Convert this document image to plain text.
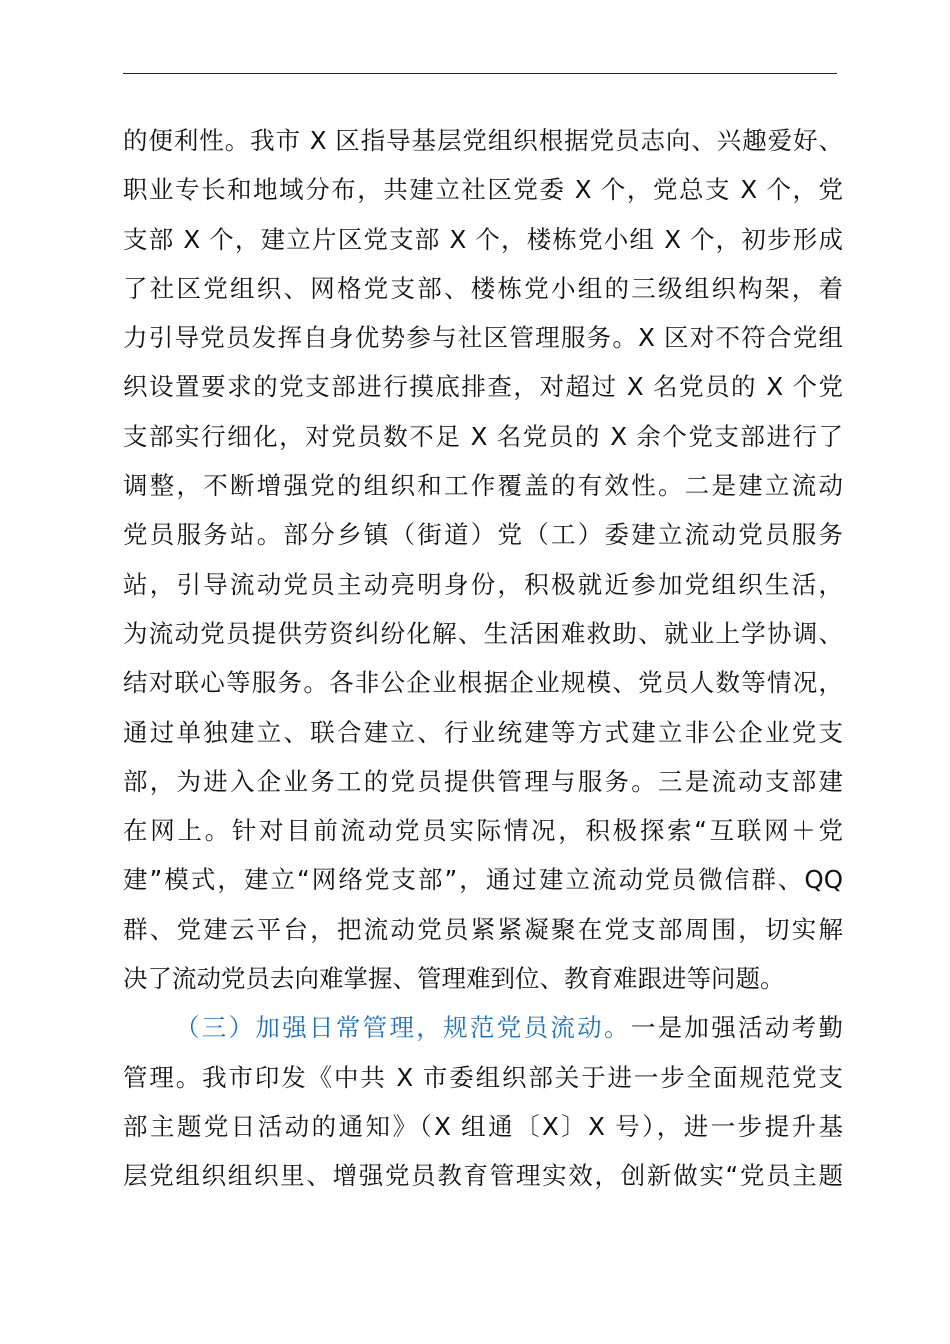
的便利性。我市 X 区指导基层党组织根据党员志向、兴趣爱好、
职业专长和地域分布，共建立社区党委 X 个，党总支 X 个，党
支部 X 个，建立片区党支部 X 个，楼栋党小组 X 个，初步形成
了社区党组织、网格党支部、楼栋党小组的三级组织构架，着
力引导党员发挥自身优势参与社区管理服务。X 区对不符合党组
织设置要求的党支部进行摸底排查，对超过 X 名党员的 X 个党
支部实行细化，对党员数不足 X 名党员的 X 余个党支部进行了
调整，不断增强党的组织和工作覆盖的有效性。二是建立流动
党员服务站。部分乡镇（街道）党（工）委建立流动党员服务
站，引导流动党员主动亮明身份，积极就近参加党组织生活，
为流动党员提供劳资纠纷化解、生活困难救助、就业上学协调、
结对联心等服务。各非公企业根据企业规模、党员人数等情况，
通过单独建立、联合建立、行业统建等方式建立非公企业党支
部，为进入企业务工的党员提供管理与服务。三是流动支部建
在网上。针对目前流动党员实际情况，积极探索“互联网＋党
建”模式，建立“网络党支部”，通过建立流动党员微信群、QQ
群、党建云平台，把流动党员紧紧凝聚在党支部周围，切实解
决了流动党员去向难掌握、管理难到位、教育难跟进等问题。
（三）加强日常管理，规范党员流动。一是加强活动考勤
管理。我市印发《中共 X 市委组织部关于进一步全面规范党支
部主题党日活动的通知》（X 组通〔X〕X 号），进一步提升基
层党组织组织里、增强党员教育管理实效，创新做实“党员主题
